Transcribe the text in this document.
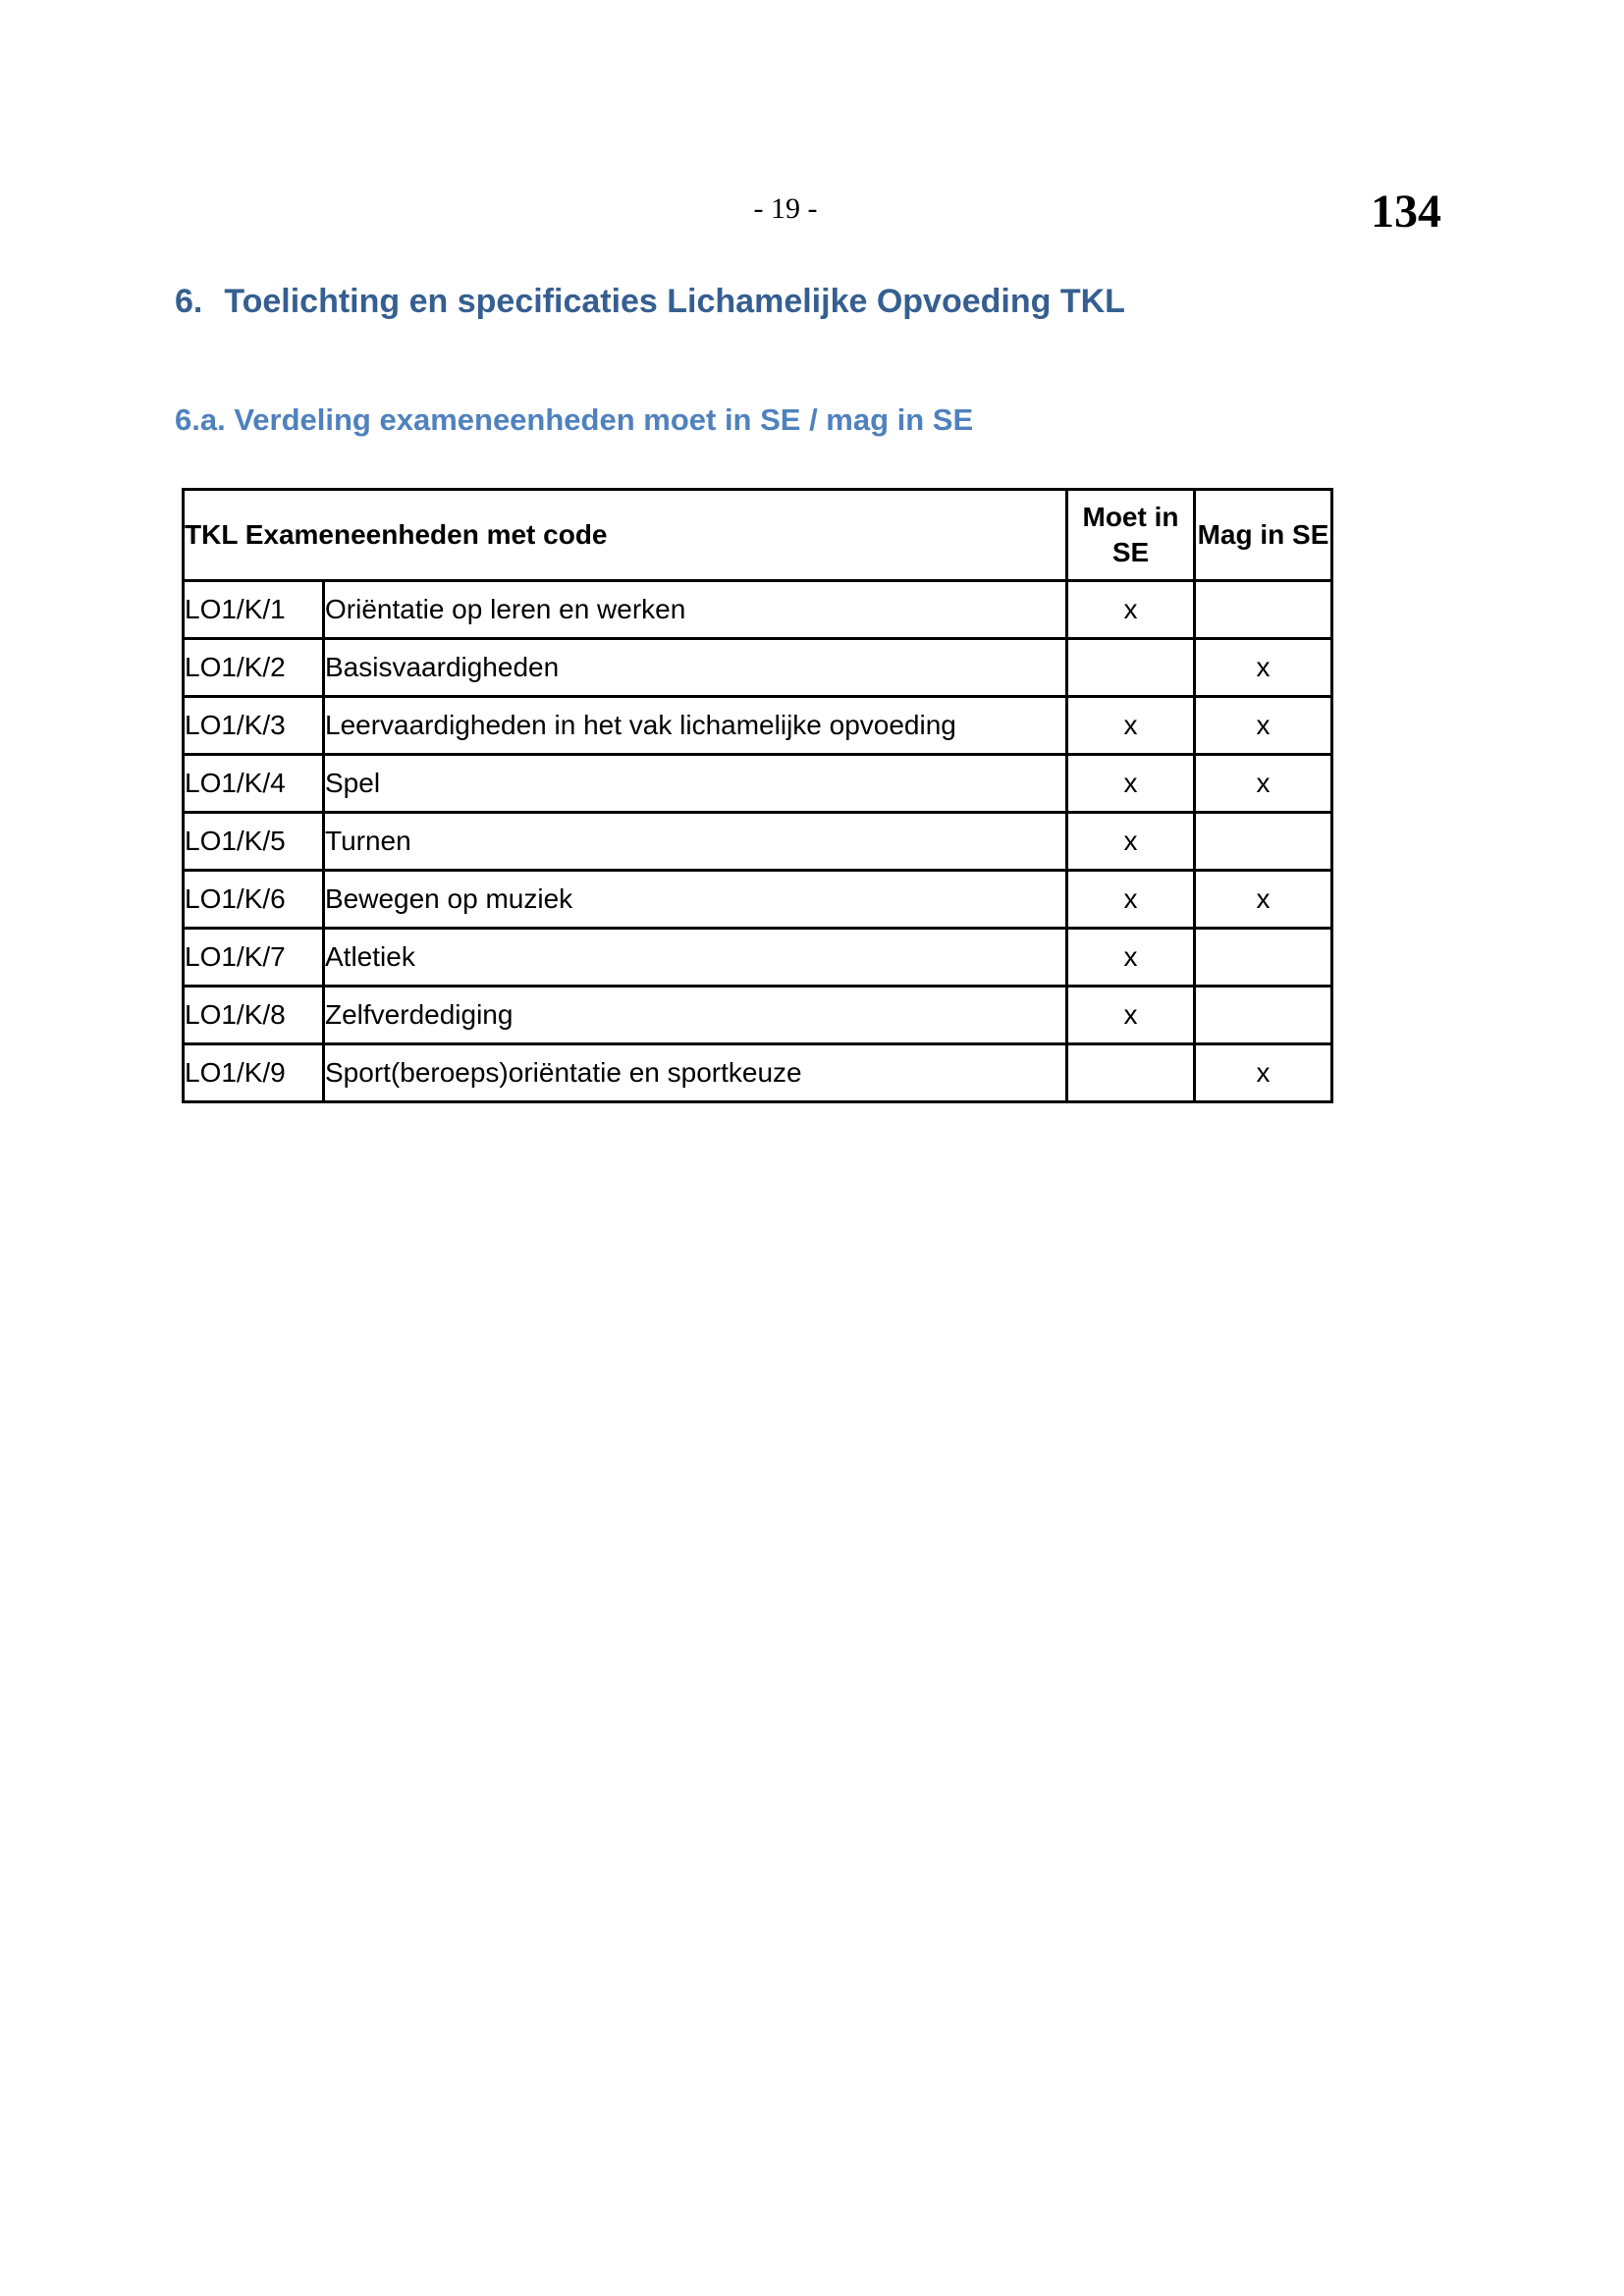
- 19 -	134
6. Toelichting en specificaties Lichamelijke Opvoeding TKL
6.a. Verdeling exameneenheden moet in SE / mag in SE
TKL Exameneenheden met code		Moet in SE	Mag in SE
LO1/K/1	Oriëntatie op leren en werken	x	
LO1/K/2	Basisvaardigheden		x
LO1/K/3	Leervaardigheden in het vak lichamelijke opvoeding	x	x
LO1/K/4	Spel	x	x
LO1/K/5	Turnen	x	
LO1/K/6	Bewegen op muziek	x	x
LO1/K/7	Atletiek	x	
LO1/K/8	Zelfverdediging	x	
LO1/K/9	Sport(beroeps)oriëntatie en sportkeuze		x
